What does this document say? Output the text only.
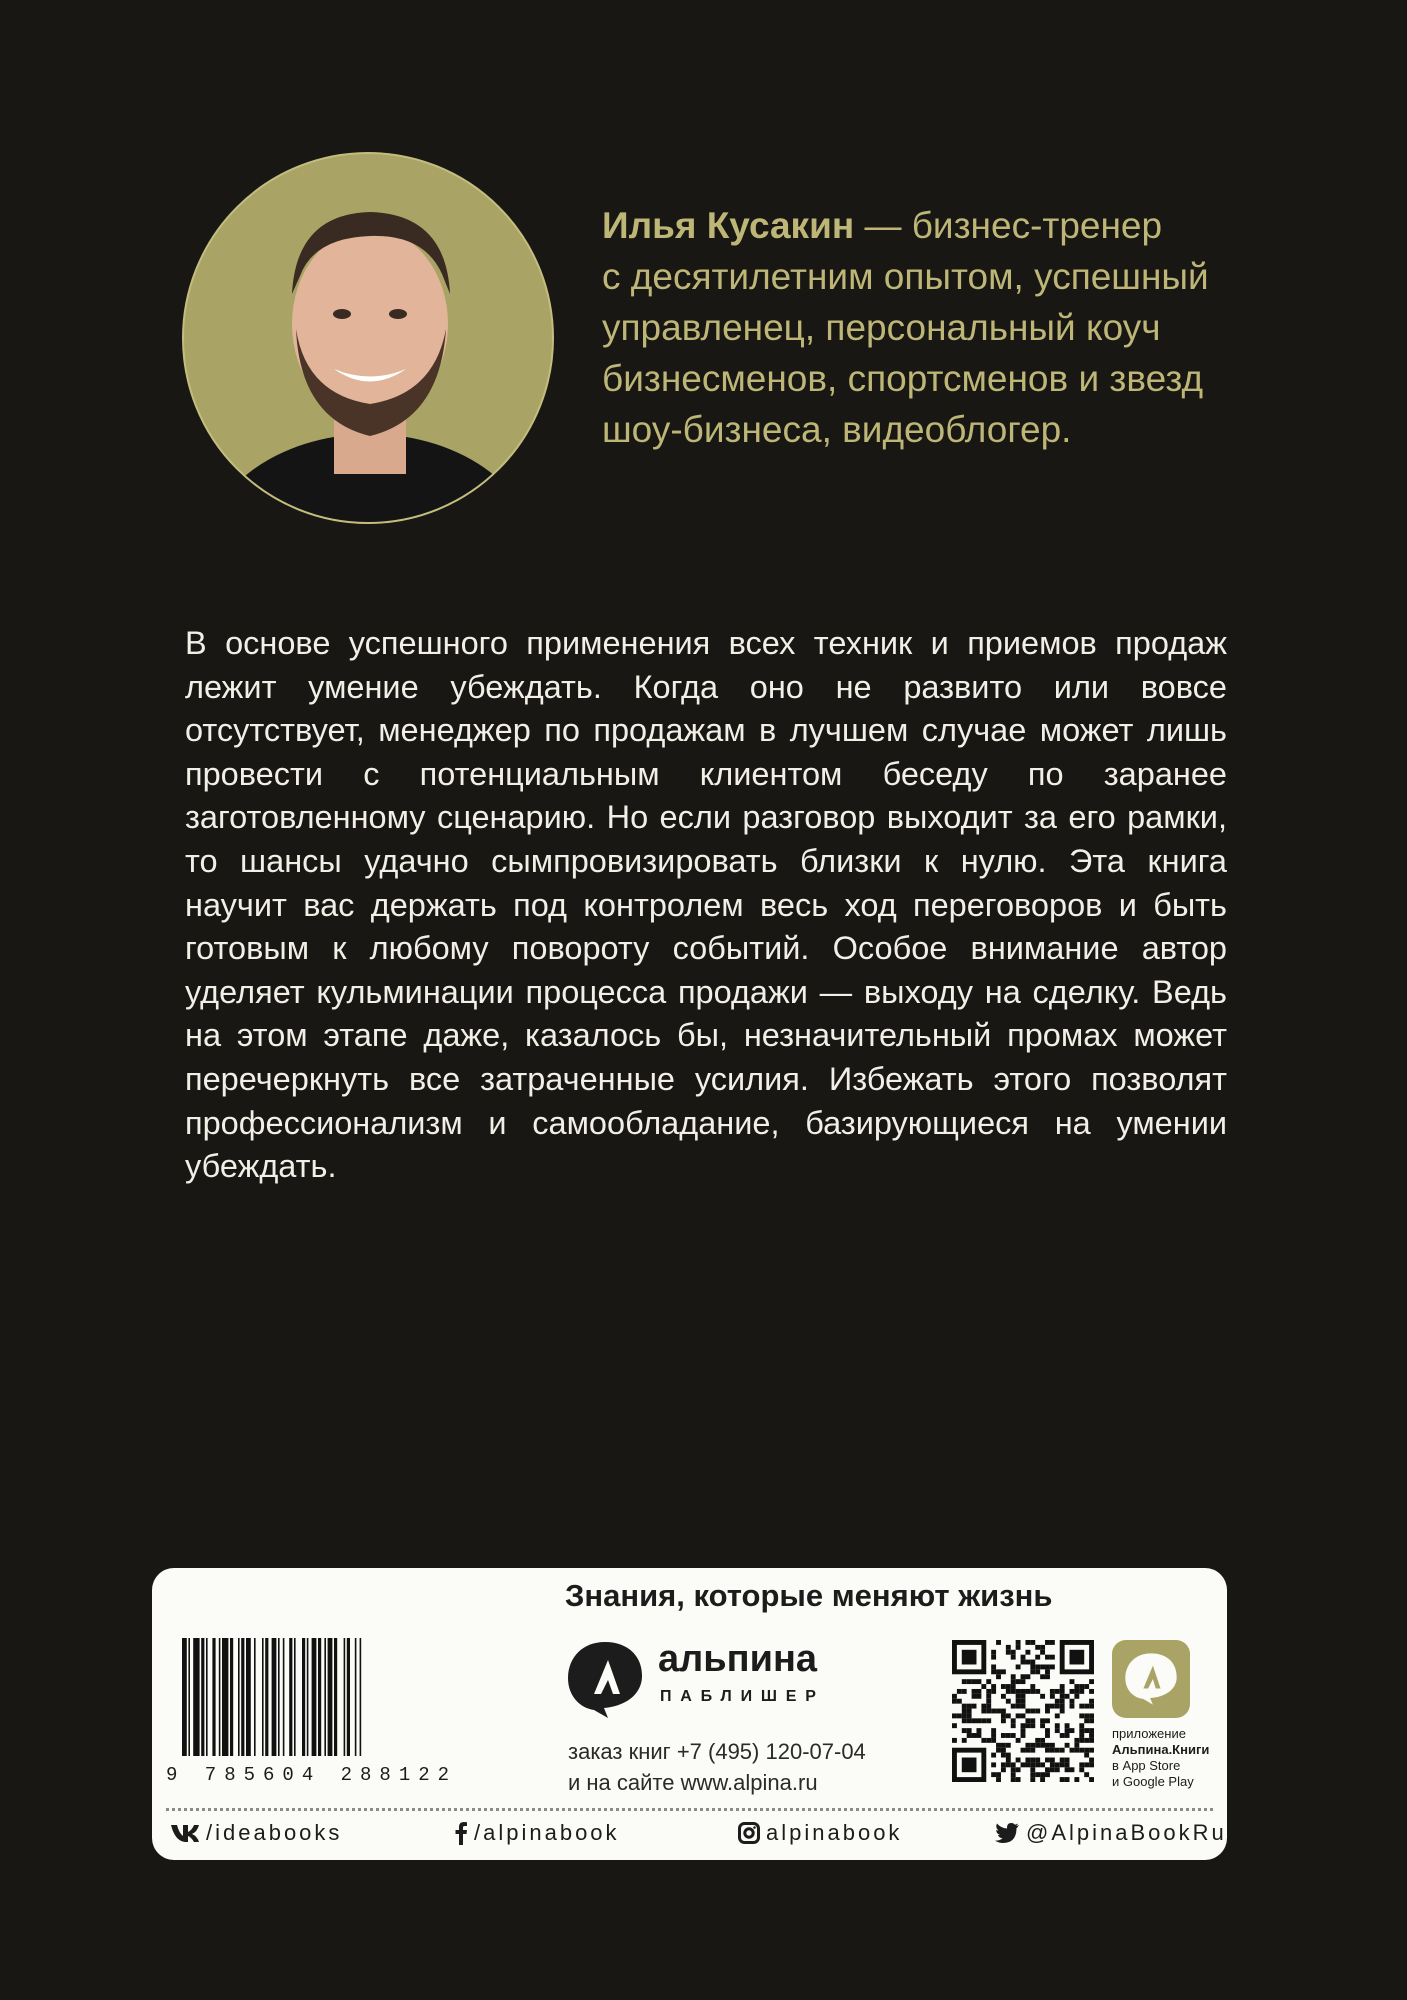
Илья Кусакин — бизнес-тренер
с десятилетним опытом, успешный
управленец, персональный коуч
бизнесменов, спортсменов и звезд
шоу-бизнеса, видеоблогер.

В основе успешного применения всех техник и приемов продаж лежит умение убеждать. Когда оно не развито или вовсе отсутствует, менеджер по продажам в лучшем случае может лишь провести с потенциальным клиентом беседу по заранее заготовленному сценарию. Но если разговор выходит за его рамки, то шансы удачно сымпровизировать близки к нулю. Эта книга научит вас держать под контролем весь ход переговоров и быть готовым к любому повороту событий. Особое внимание автор уделяет кульминации процесса продажи — выходу на сделку. Ведь на этом этапе даже, казалось бы, незначительный промах может перечеркнуть все затраченные усилия. Избежать этого позволят профессионализм и самообладание, базирующиеся на умении убеждать.

Знания, которые меняют жизнь
9 785604 288122
альпина
ПАБЛИШЕР
заказ книг +7 (495) 120-07-04
и на сайте www.alpina.ru
приложение
Альпина.Книги
в App Store
и Google Play
/ideabooks	/alpinabook	alpinabook	@AlpinaBookRu
